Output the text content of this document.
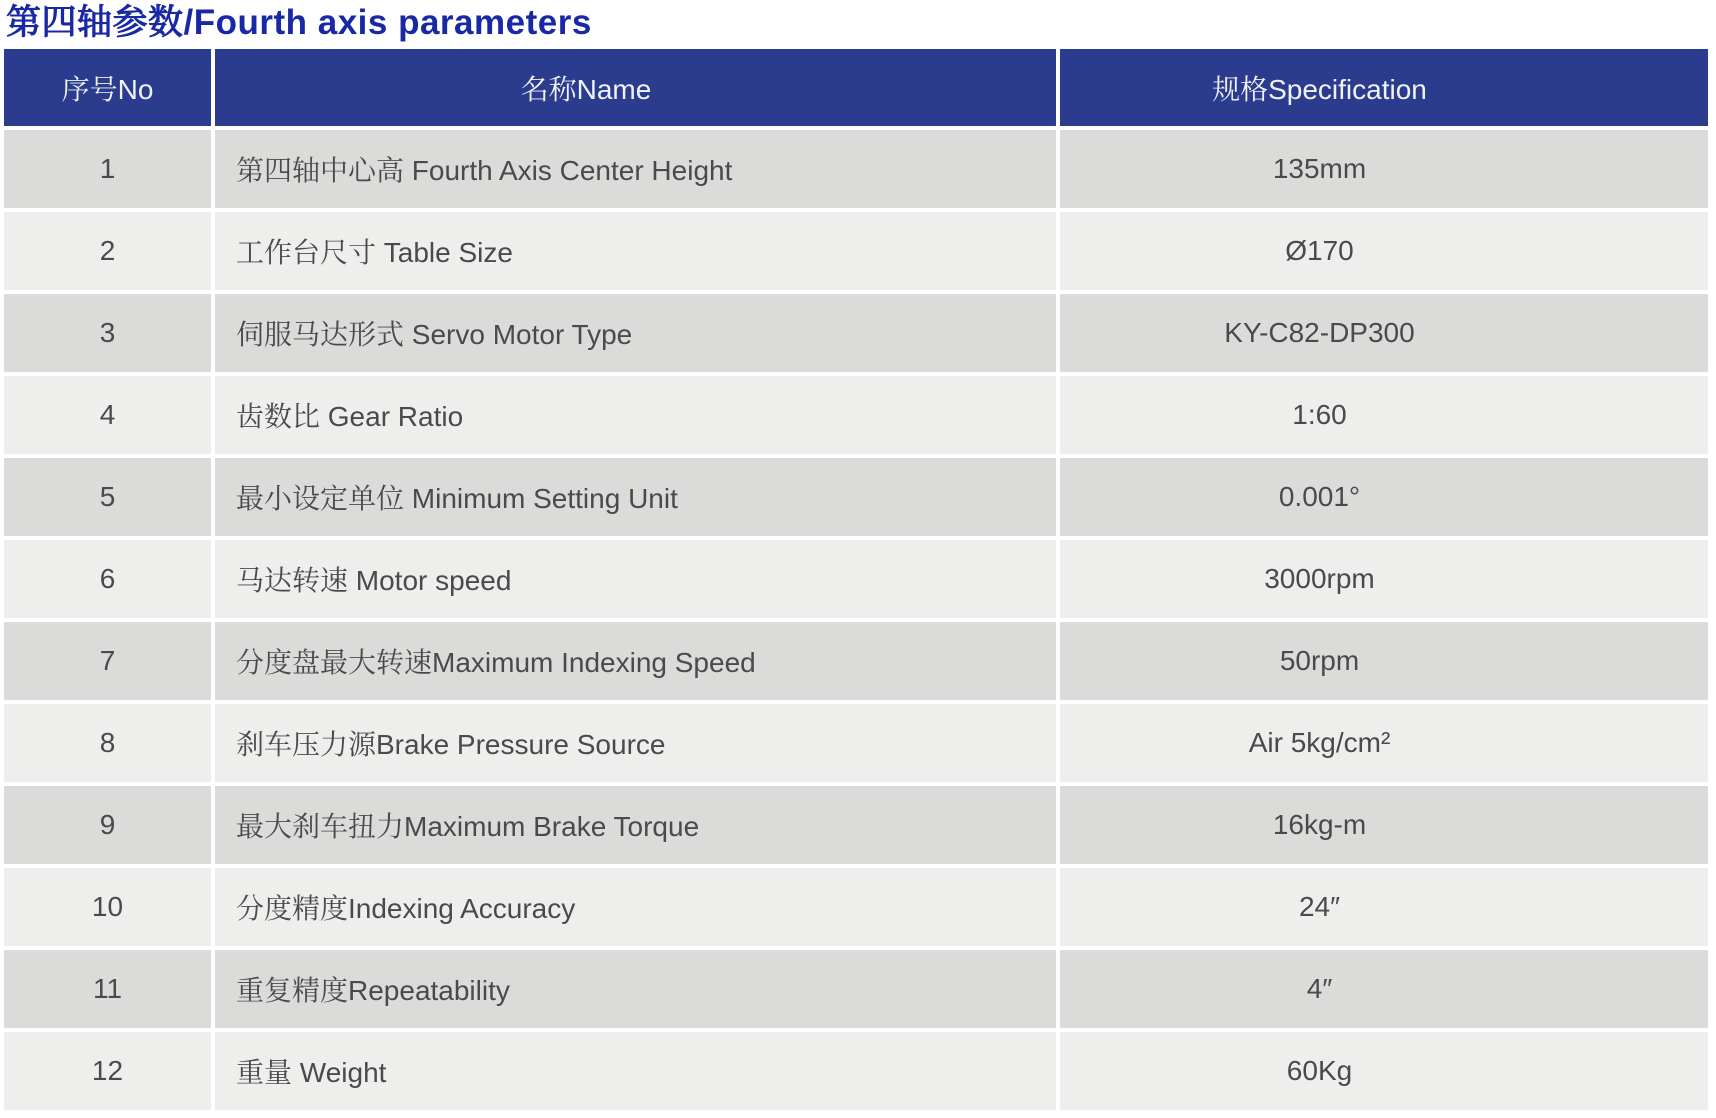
第四轴参数/Fourth axis parameters
序号No	名称Name	规格Specification
1	第四轴中心高 Fourth Axis Center Height	135mm
2	工作台尺寸 Table Size	Ø170
3	伺服马达形式 Servo Motor Type	KY-C82-DP300
4	齿数比 Gear Ratio	1:60
5	最小设定单位 Minimum Setting Unit	0.001°
6	马达转速 Motor speed	3000rpm
7	分度盘最大转速Maximum Indexing Speed	50rpm
8	刹车压力源Brake Pressure Source	Air 5kg/cm²
9	最大刹车扭力Maximum Brake Torque	16kg-m
10	分度精度Indexing Accuracy	24″
11	重复精度Repeatability	4″
12	重量 Weight	60Kg
